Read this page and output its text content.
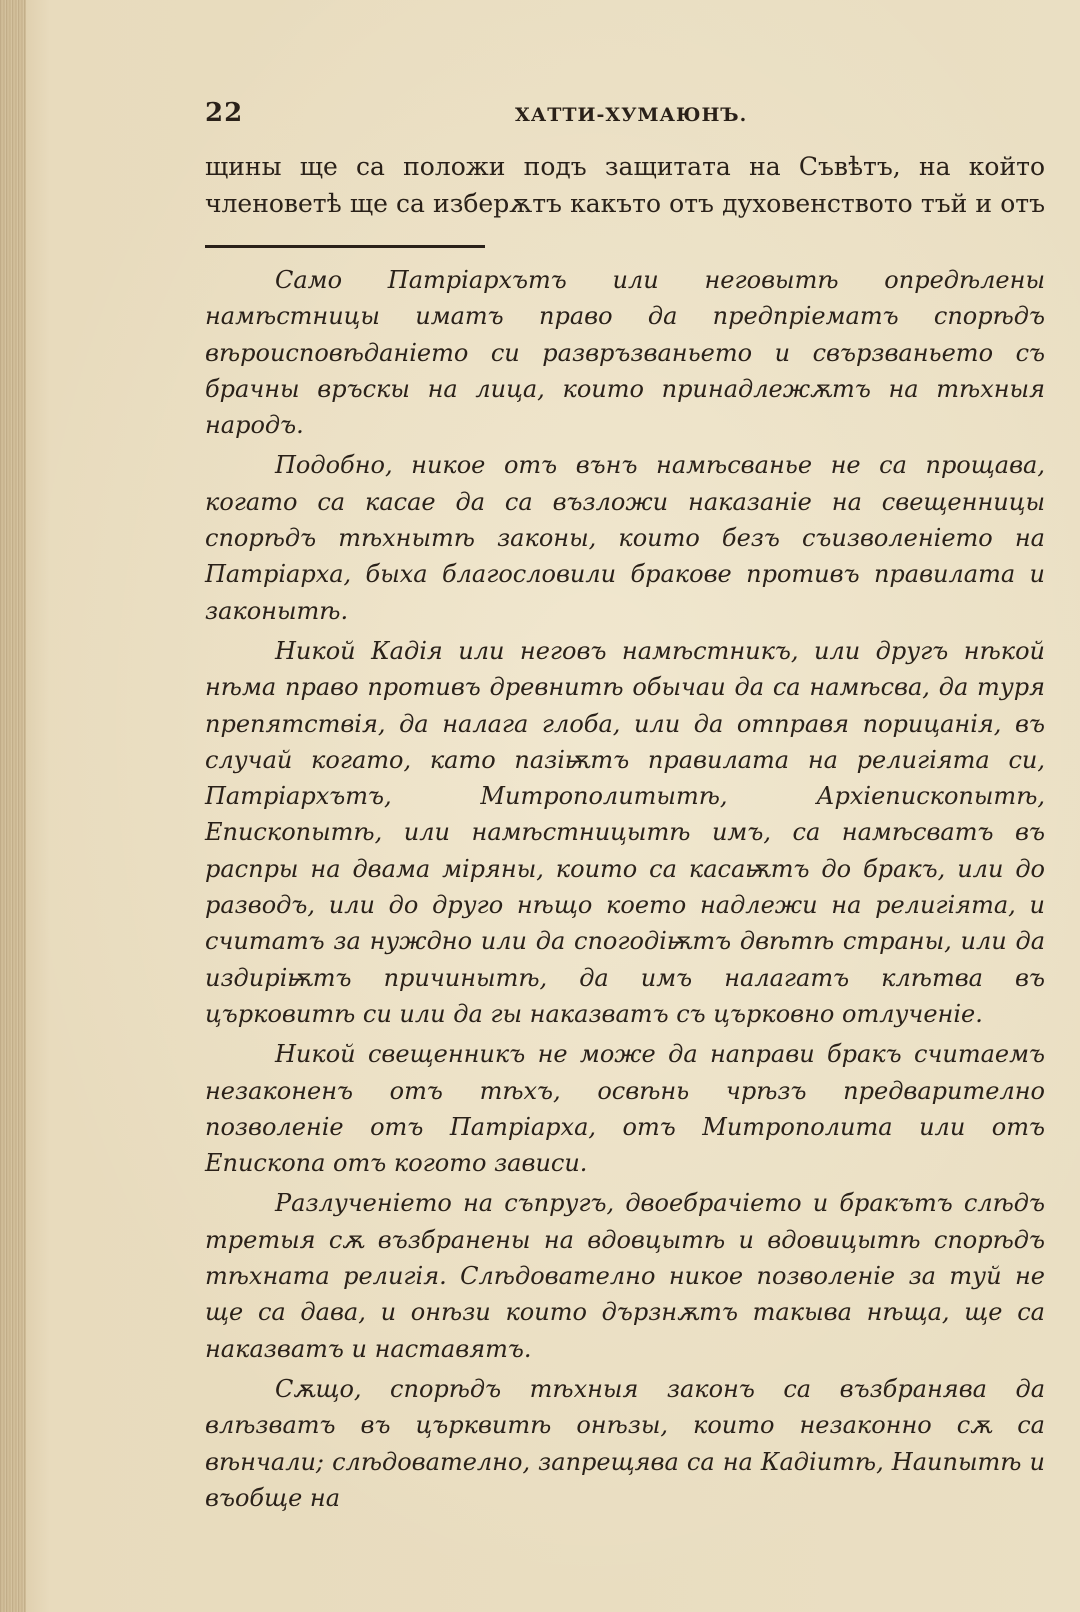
22	ХАТТИ-ХУМАЮНЪ.

щины ще са положи подъ защитата на Съвѣтъ, на който членоветѣ ще са изберѫтъ какъто отъ духовенството тъй и отъ

Само Патріархътъ или неговытѣ опредѣлены намѣстницы иматъ право да предпріематъ спорѣдъ вѣроисповѣданіето си развръзваньето и свързваньето съ брачны връскы на лица, които принадлежѫтъ на тѣхныя народъ.

Подобно, никое отъ вънъ намѣсванье не са прощава, когато са касае да са възложи наказаніе на свещенницы спорѣдъ тѣхнытѣ законы, които безъ съизволеніето на Патріарха, быха благословили бракове противъ правилата и законытѣ.

Никой Кадія или неговъ намѣстникъ, или другъ нѣкой нѣма право противъ древнитѣ обычаи да са намѣсва, да туря препятствія, да налага глоба, или да отправя порицанія, въ случай когато, като пазіѭтъ правилата на религіята си, Патріархътъ, Митрополитытѣ, Архіепископытѣ, Епископытѣ, или намѣстницытѣ имъ, са намѣсватъ въ распры на двама міряны, които са касаѭтъ до бракъ, или до разводъ, или до друго нѣщо което надлежи на религіята, и считатъ за нуждно или да спогодіѭтъ двѣтѣ страны, или да издиріѭтъ причинытѣ, да имъ налагатъ клѣтва въ църковитѣ си или да гы наказватъ съ църковно отлученіе.

Никой свещенникъ не може да направи бракъ считаемъ незаконенъ отъ тѣхъ, освѣнь чрѣзъ предварително позволеніе отъ Патріарха, отъ Митрополита или отъ Епископа отъ когото зависи.

Разлученіето на съпругъ, двоебрачіето и бракътъ слѣдъ третыя сѫ възбранены на вдовцытѣ и вдовицытѣ спорѣдъ тѣхната религія. Слѣдователно никое позволеніе за туй не ще са дава, и онѣзи които дързнѫтъ такыва нѣща, ще са наказватъ и наставятъ.

Сѫщо, спорѣдъ тѣхныя законъ са възбранява да влѣзватъ въ църквитѣ онѣзы, които незаконно сѫ са вѣнчали; слѣдователно, запрещява са на Кадіитѣ, Наипытѣ и въобще на
